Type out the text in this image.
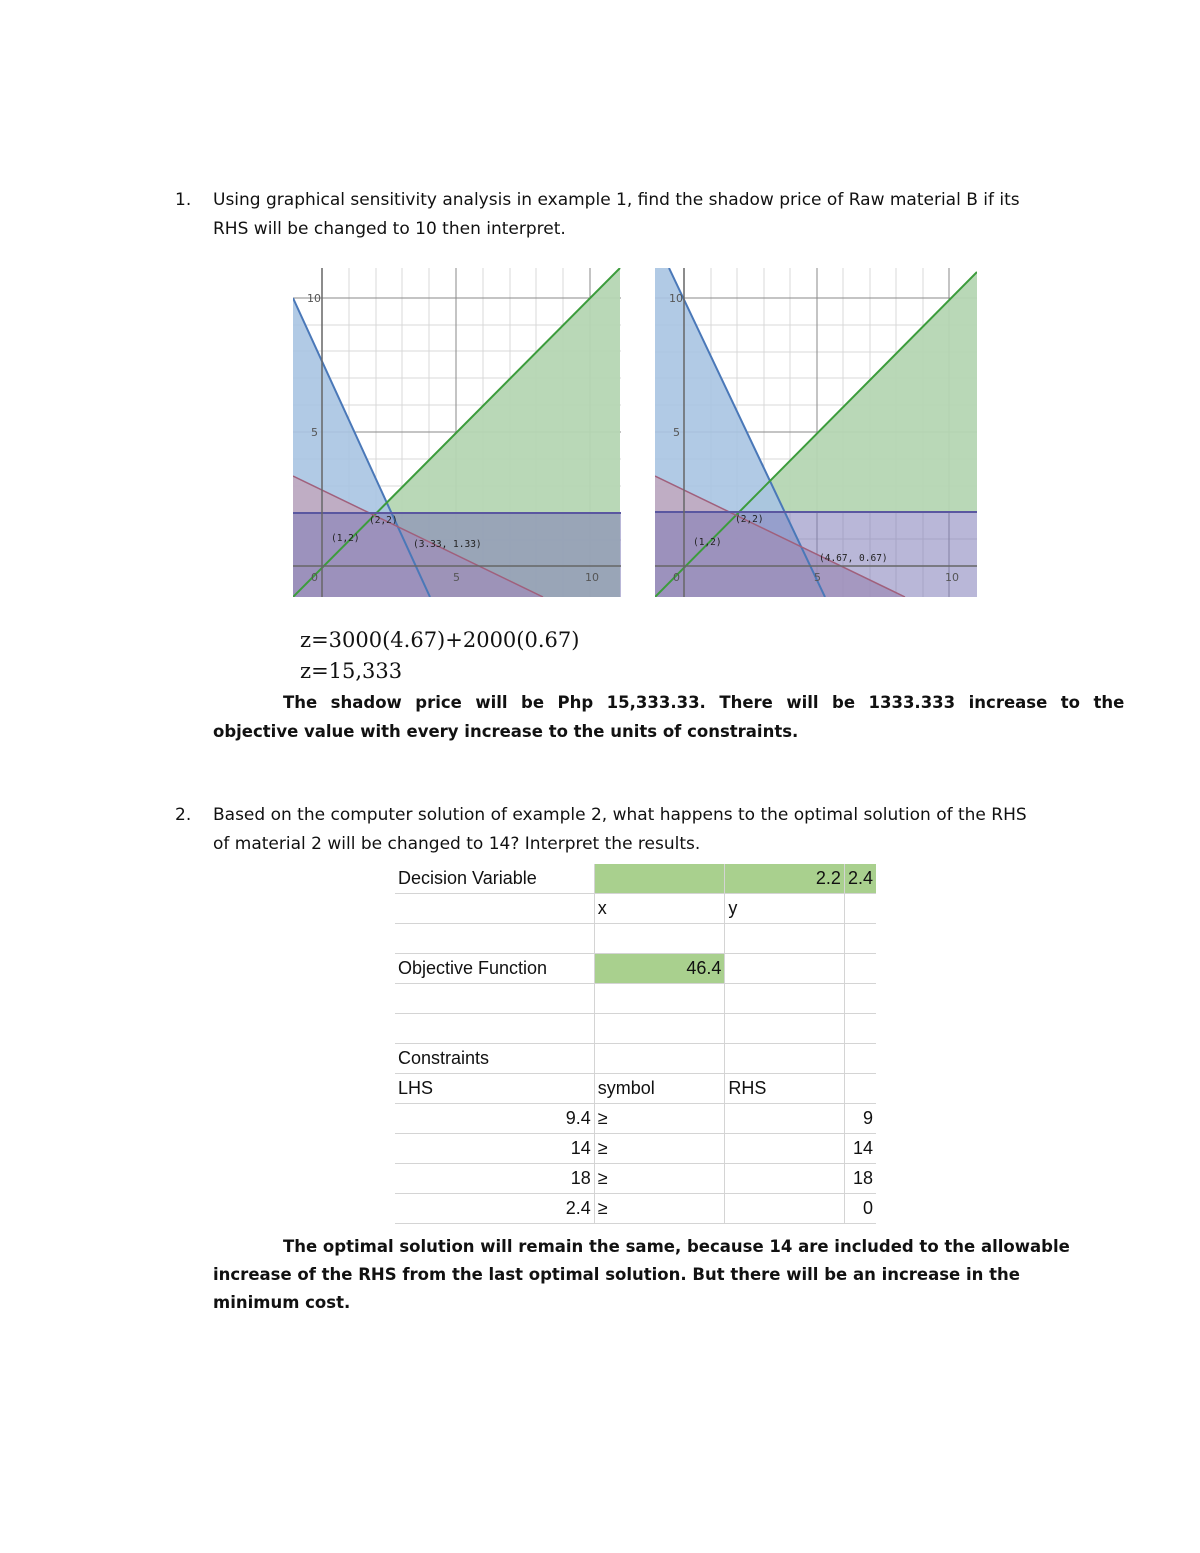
1. Using graphical sensitivity analysis in example 1, find the shadow price of Raw material B if its
RHS will be changed to 10 then interpret.
10
5
0	5	10
(1,2)
(2,2)
(3.33, 1.33)
10
5
0	5	10
(1,2)
(2,2)
(4.67, 0.67)
z=3000(4.67)+2000(0.67)
z=15,333
The  shadow  price  will  be  Php  15,333.33.  There  will  be  1333.333  increase  to  the
objective value with every increase to the units of constraints.
2. Based on the computer solution of example 2, what happens to the optimal solution of the RHS
of material 2 will be changed to 14? Interpret the results.
Decision Variable		2.2	2.4
	x	y	

Objective Function	46.4		

Constraints			
LHS	symbol	RHS	
9.4	≥		9
14	≥		14
18	≥		18
2.4	≥		0
The optimal solution will remain the same, because 14 are included to the allowable
increase of the RHS from the last optimal solution. But there will be an increase in the
minimum cost.
